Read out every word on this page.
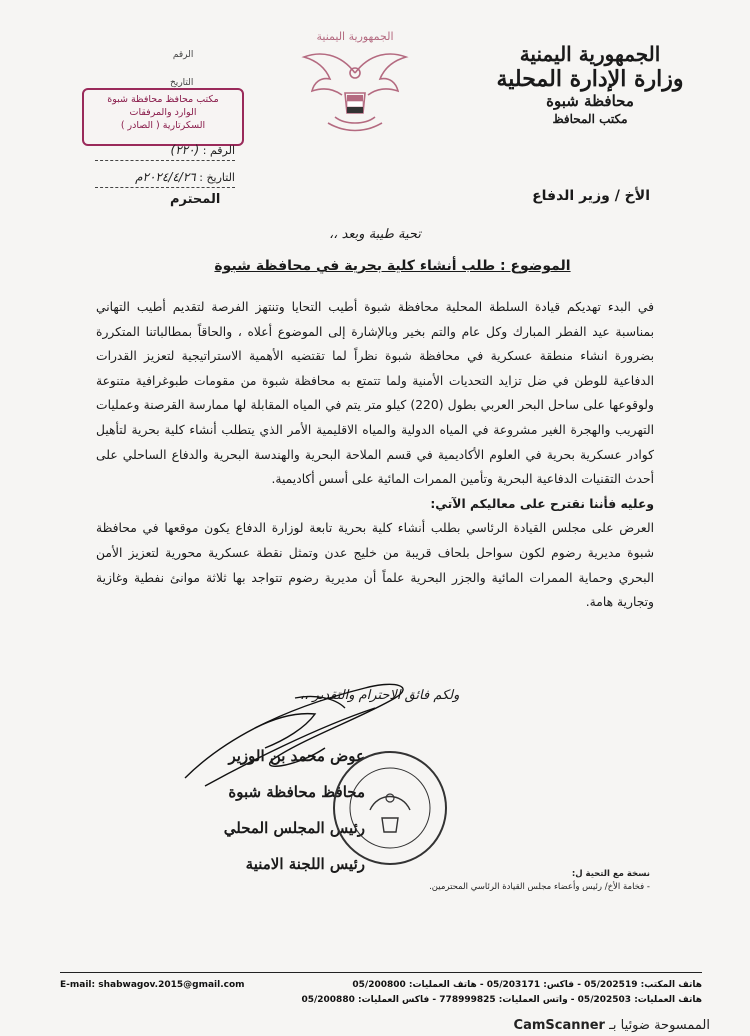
الجمهورية اليمنية
وزارة الإدارة المحلية
محافظة شبوة
مكتب المحافظ
الجمهورية اليمنية
الرقم
التاريخ
مكتب محافظ محافظة شبوة
الوارد والمرفقات
السكرتارية ( الصادر )
الرقم : (٢٢٠)
التاريخ : ٢٠٢٤/٤/٢٦م
الأخ / وزير الدفاع
المحترم
تحية طيبة وبعد ،،
الموضوع : طلب أنشاء كلية بحرية في محافظة شبوة

في البدء تهديكم قيادة السلطة المحلية محافظة شبوة أطيب التحايا وتنتهز الفرصة لتقديم أطيب التهاني بمناسبة عيد الفطر المبارك وكل عام والتم بخير وبالإشارة إلى الموضوع أعلاه ، والحاقاً بمطالباتنا المتكررة بضرورة انشاء منطقة عسكرية في محافظة شبوة نظراً لما تقتضيه الأهمية الاستراتيجية لتعزيز القدرات الدفاعية للوطن في ضل تزايد التحديات الأمنية ولما تتمتع به محافظة شبوة من مقومات طبوغرافية متنوعة ولوقوعها على ساحل البحر العربي بطول (220) كيلو متر يتم في المياه المقابلة لها ممارسة القرصنة وعمليات التهريب والهجرة الغير مشروعة في المياه الدولية والمياه الاقليمية الأمر الذي يتطلب أنشاء كلية بحرية لتأهيل كوادر عسكرية بحرية في العلوم الأكاديمية في قسم الملاحة البحرية والهندسة البحرية والدفاع الساحلي على أحدث التقنيات الدفاعية البحرية وتأمين الممرات المائية على أسس أكاديمية.

وعليه فأننا نقترح على معاليكم الآتي:

العرض على مجلس القيادة الرئاسي بطلب أنشاء كلية بحرية تابعة لوزارة الدفاع يكون موقعها في محافظة شبوة مديرية رضوم لكون سواحل بلحاف قريبة من خليج عدن وتمثل نقطة عسكرية محورية لتعزيز الأمن البحري وحماية الممرات المائية والجزر البحرية علماً أن مديرية رضوم تتواجد بها ثلاثة موانئ نفطية وغازية وتجارية هامة.

ولكم فائق الاحترام والتقدير ،،
عوض محمد بن الوزير
محافظ محافظة شبوة
رئيس المجلس المحلي
رئيس اللجنة الامنية
نسخة مع التحية ل:
- فخامة الأخ/ رئيس وأعضاء مجلس القيادة الرئاسي المحترمين.
E-mail: shabwagov.2015@gmail.com	هاتف المكتب: 05/202519 - فاكس: 05/203171 - هاتف العمليات: 05/200800
هاتف العمليات: 05/202503 - واتس العمليات: 778999825 - فاكس العمليات: 05/200880
الممسوحة ضوئيا بـ CamScanner
